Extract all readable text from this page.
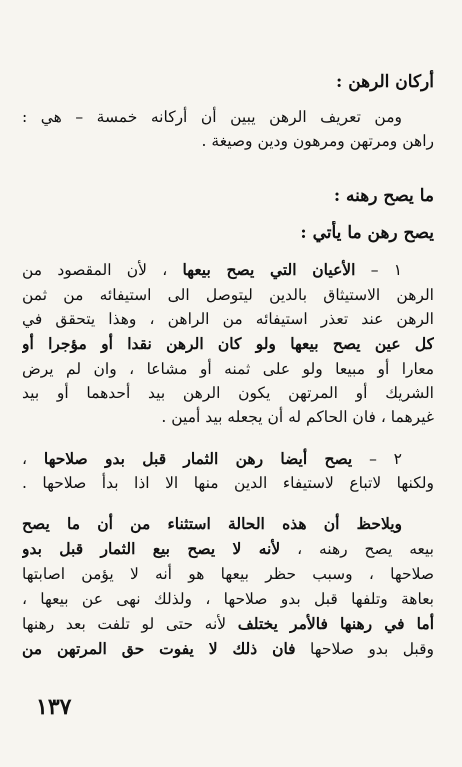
أركان الرهن :
ومن تعريف الرهن يبين أن أركانه خمسة – هي :
راهن ومرتهن ومرهون ودين وصيغة .
ما يصح رهنه :
يصح رهن ما يأتي :
١ – الأعيان التي يصح بيعها ، لأن المقصود من
الرهن الاستيثاق بالدين ليتوصل الى استيفائه من ثمن
الرهن عند تعذر استيفائه من الراهن ، وهذا يتحقق في
كل عين يصح بيعها ولو كان الرهن نقدا أو مؤجرا أو
معارا أو مبيعا ولو على ثمنه أو مشاعا ، وان لم يرض
الشريك أو المرتهن يكون الرهن بيد أحدهما أو بيد
غيرهما ، فان الحاكم له أن يجعله بيد أمين .
٢ – يصح أيضا رهن الثمار قبل بدو صلاحها ،
ولكنها لاتباع لاستيفاء الدين منها الا اذا بدأ صلاحها .
ويلاحظ أن هذه الحالة استثناء من أن ما يصح
بيعه يصح رهنه ، لأنه لا يصح بيع الثمار قبل بدو
صلاحها ، وسبب حظر بيعها هو أنه لا يؤمن اصابتها
بعاهة وتلفها قبل بدو صلاحها ، ولذلك نهى عن بيعها ،
أما في رهنها فالأمر يختلف لأنه حتى لو تلفت بعد رهنها
وقبل بدو صلاحها فان ذلك لا يفوت حق المرتهن من
١٣٧
